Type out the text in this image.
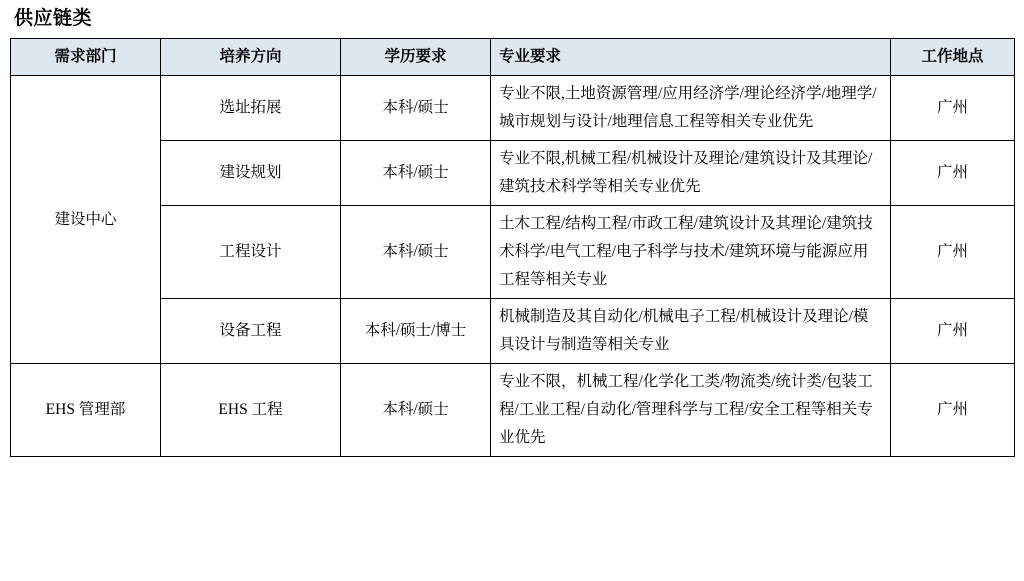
供应链类
需求部门	培养方向	学历要求	专业要求	工作地点
建设中心	选址拓展	本科/硕士	专业不限,土地资源管理/应用经济学/理论经济学/地理学/城市规划与设计/地理信息工程等相关专业优先	广州
	建设规划	本科/硕士	专业不限,机械工程/机械设计及理论/建筑设计及其理论/建筑技术科学等相关专业优先	广州
	工程设计	本科/硕士	土木工程/结构工程/市政工程/建筑设计及其理论/建筑技术科学/电气工程/电子科学与技术/建筑环境与能源应用工程等相关专业	广州
	设备工程	本科/硕士/博士	机械制造及其自动化/机械电子工程/机械设计及理论/模具设计与制造等相关专业	广州
EHS 管理部	EHS 工程	本科/硕士	专业不限，机械工程/化学化工类/物流类/统计类/包装工程/工业工程/自动化/管理科学与工程/安全工程等相关专业优先	广州
